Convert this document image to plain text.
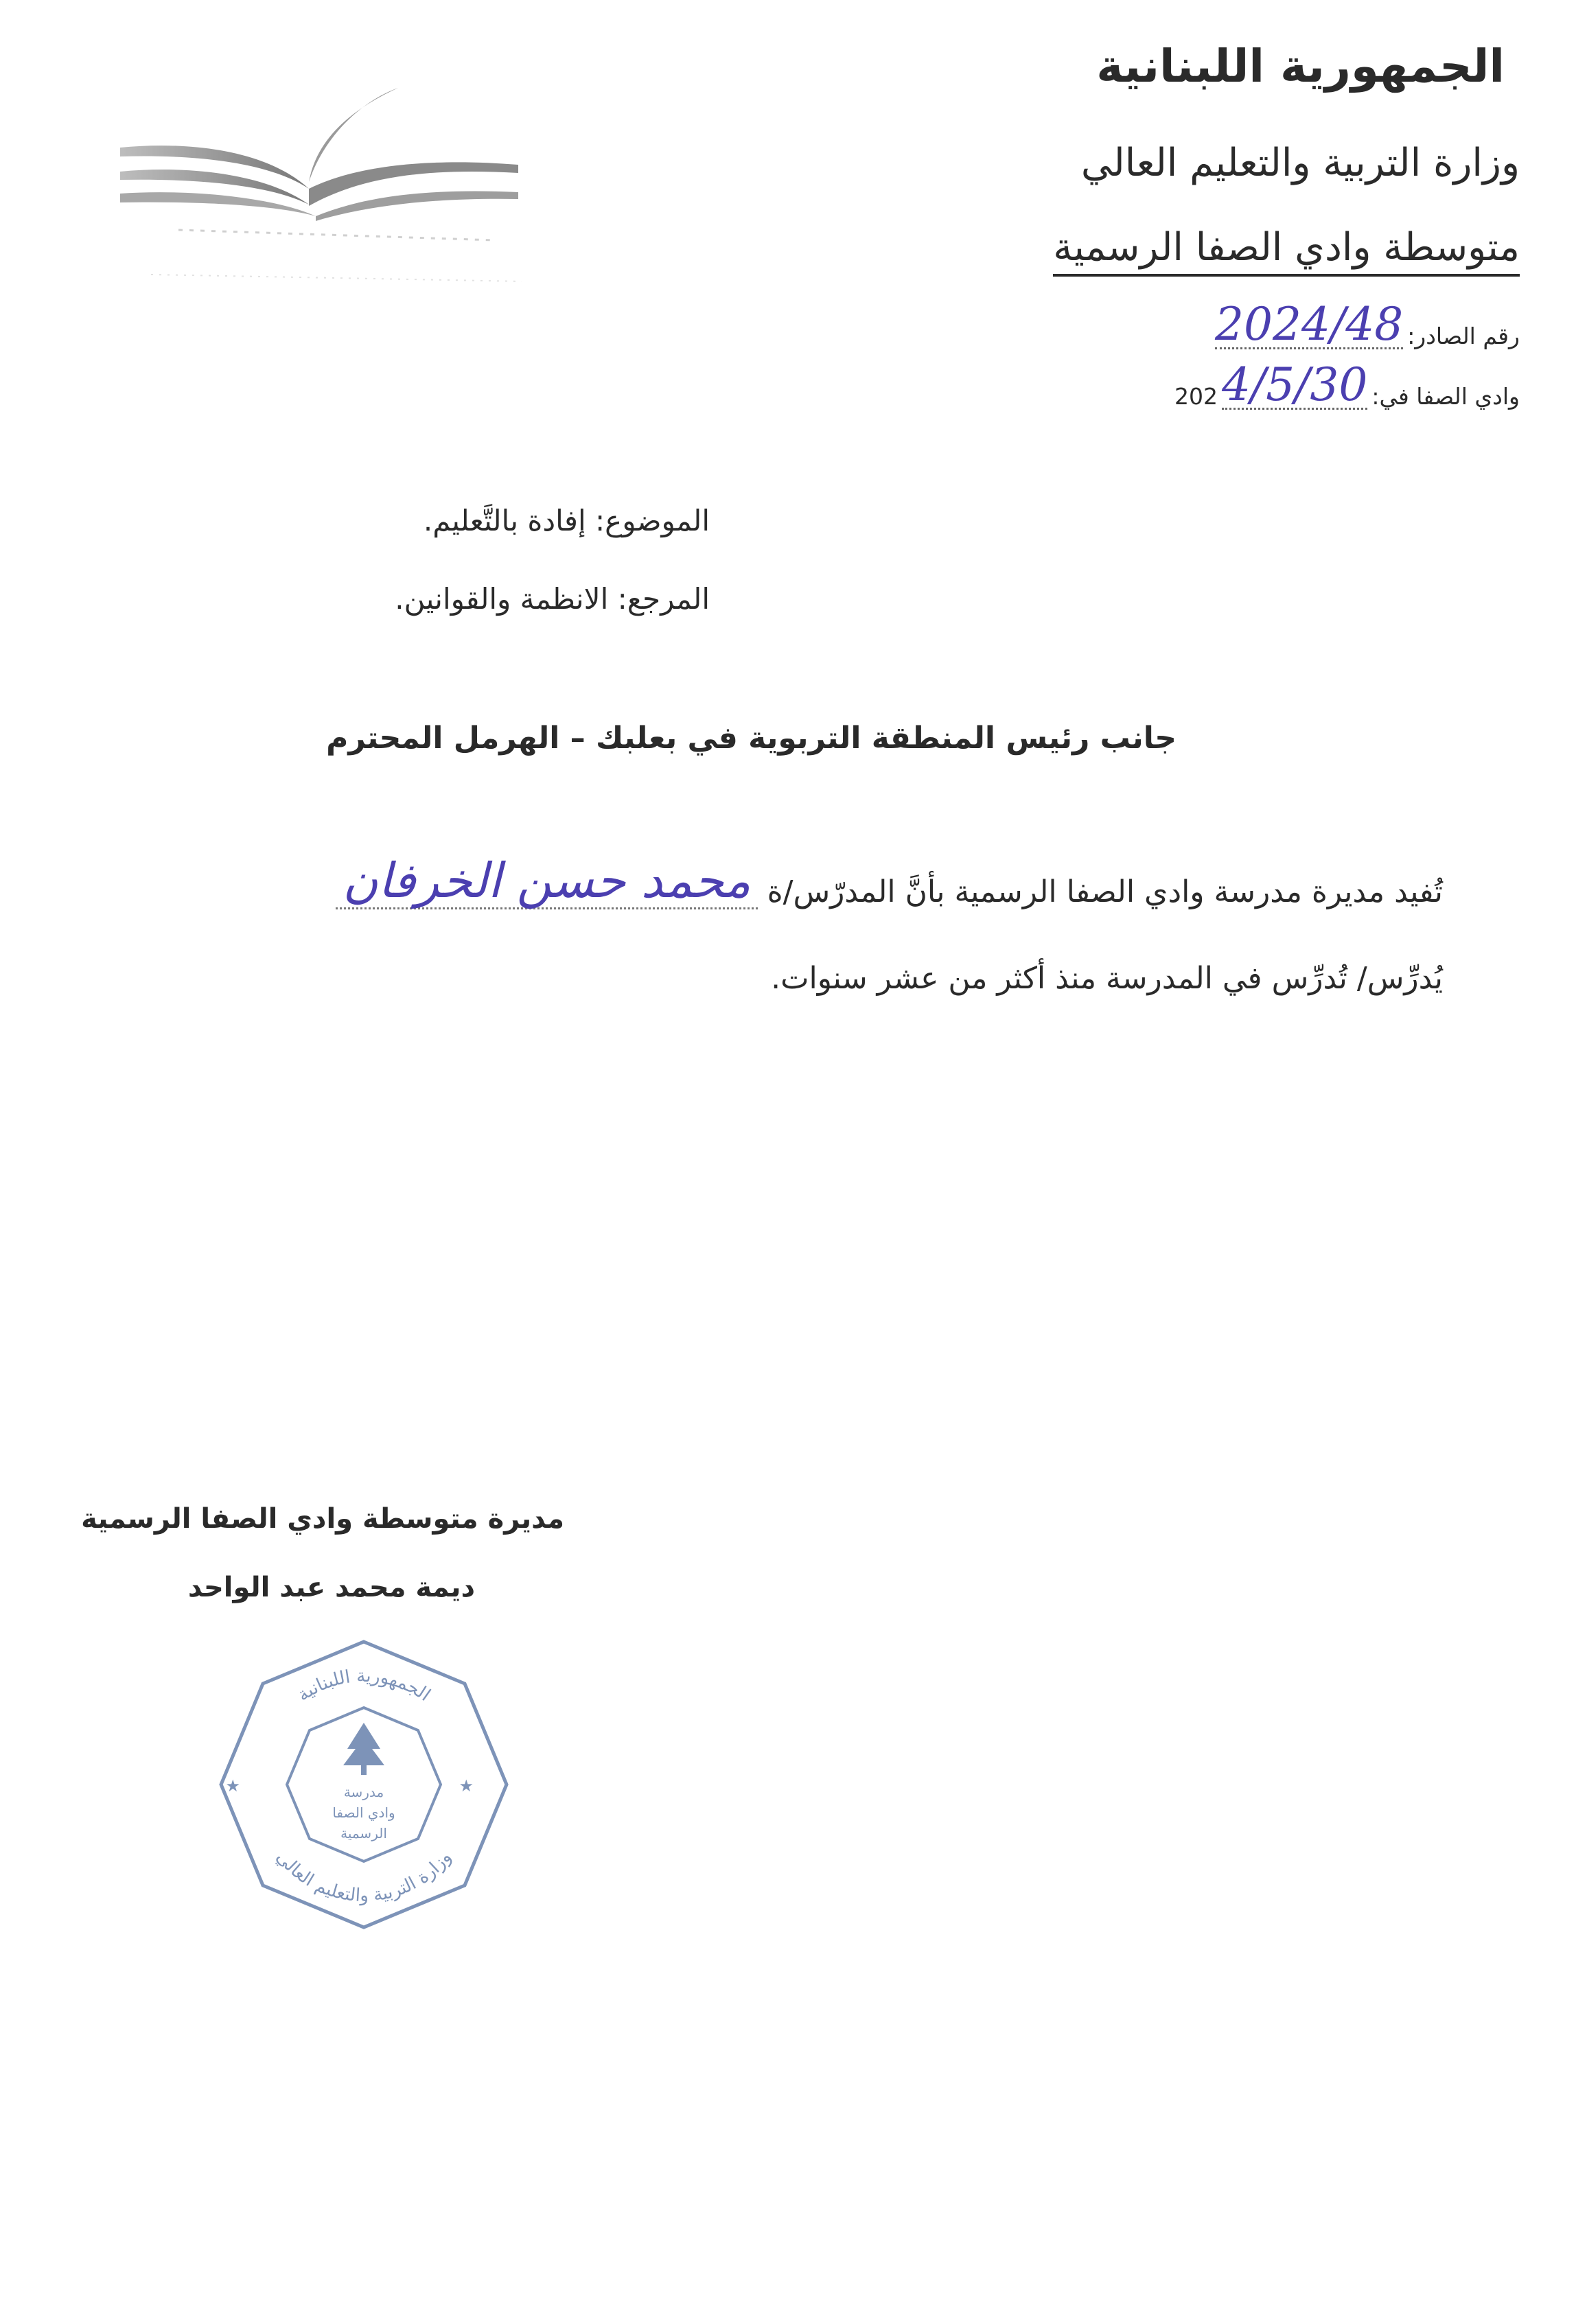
الجمهورية اللبنانية
وزارة التربية والتعليم العالي
متوسطة وادي الصفا الرسمية
رقم الصادر:
2024/48
وادي الصفا في:
4/5/30
202
الموضوع: إفادة بالتَّعليم.
المرجع: الانظمة والقوانين.
جانب رئيس المنطقة التربوية في بعلبك – الهرمل المحترم
تُفيد مديرة مدرسة وادي الصفا الرسمية بأنَّ المدرّس/ة
محمد حسن الخرفان
يُدرِّس/ تُدرِّس في المدرسة منذ أكثر من عشر سنوات.
مديرة متوسطة وادي الصفا الرسمية
ديمة محمد عبد الواحد
الجمهورية اللبنانية
وزارة التربية والتعليم العالي
★	★
مدرسة
وادي الصفا
الرسمية
